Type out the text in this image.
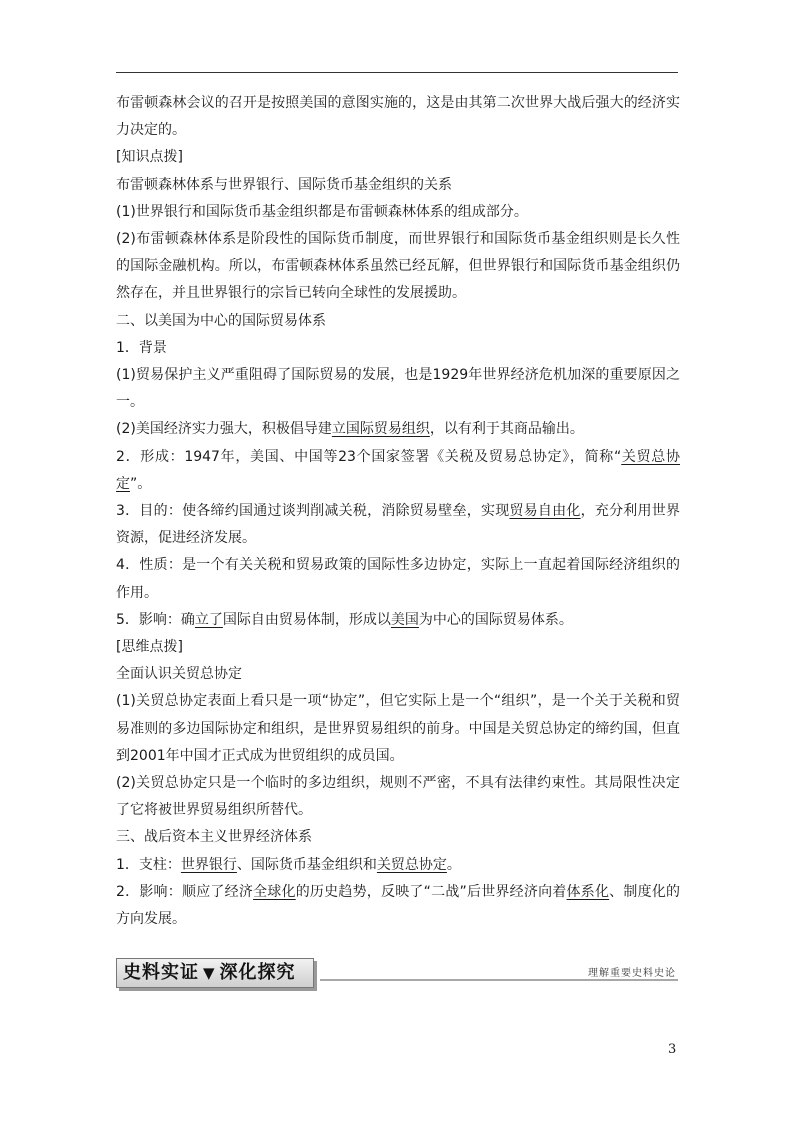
布雷顿森林会议的召开是按照美国的意图实施的，这是由其第二次世界大战后强大的经济实力决定的。

[知识点拨]

布雷顿森林体系与世界银行、国际货币基金组织的关系

(1)世界银行和国际货币基金组织都是布雷顿森林体系的组成部分。

(2)布雷顿森林体系是阶段性的国际货币制度，而世界银行和国际货币基金组织则是长久性的国际金融机构。所以，布雷顿森林体系虽然已经瓦解，但世界银行和国际货币基金组织仍然存在，并且世界银行的宗旨已转向全球性的发展援助。

二、以美国为中心的国际贸易体系

1．背景

(1)贸易保护主义严重阻碍了国际贸易的发展，也是1929年世界经济危机加深的重要原因之一。

(2)美国经济实力强大，积极倡导建立国际贸易组织，以有利于其商品输出。

2．形成：1947年，美国、中国等23个国家签署《关税及贸易总协定》，简称“关贸总协定”。

3．目的：使各缔约国通过谈判削减关税，消除贸易壁垒，实现贸易自由化，充分利用世界资源，促进经济发展。

4．性质：是一个有关关税和贸易政策的国际性多边协定，实际上一直起着国际经济组织的作用。

5．影响：确立了国际自由贸易体制，形成以美国为中心的国际贸易体系。

[思维点拨]

全面认识关贸总协定

(1)关贸总协定表面上看只是一项“协定”，但它实际上是一个“组织”，是一个关于关税和贸易准则的多边国际协定和组织，是世界贸易组织的前身。中国是关贸总协定的缔约国，但直到2001年中国才正式成为世贸组织的成员国。

(2)关贸总协定只是一个临时的多边组织，规则不严密，不具有法律约束性。其局限性决定了它将被世界贸易组织所替代。

三、战后资本主义世界经济体系

1．支柱：世界银行、国际货币基金组织和关贸总协定。

2．影响：顺应了经济全球化的历史趋势，反映了“二战”后世界经济向着体系化、制度化的方向发展。

史料实证 ▼ 深化探究	理解重要史料史论
3
